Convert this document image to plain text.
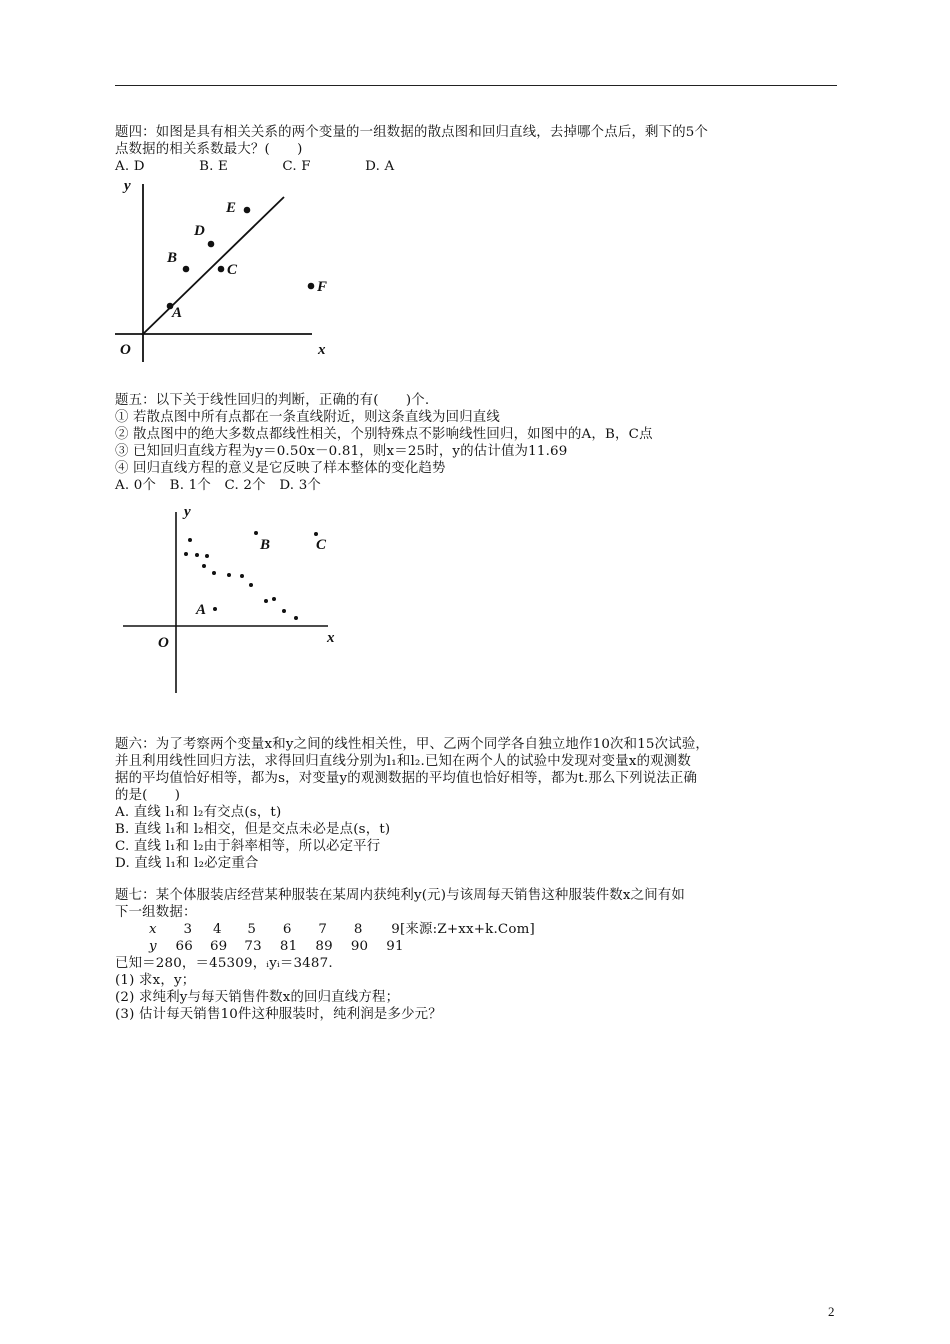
题四：如图是具有相关关系的两个变量的一组数据的散点图和回归直线，去掉哪个点后，剩下的5个
点数据的相关系数最大？(　　)
A. D　　　　B. E　　　　C. F　　　　D. A
y
x
O
E
D
B
C
F
A
题五：以下关于线性回归的判断，正确的有(　　)个.
① 若散点图中所有点都在一条直线附近，则这条直线为回归直线
② 散点图中的绝大多数点都线性相关，个别特殊点不影响线性回归，如图中的A，B，C点
③ 已知回归直线方程为y＝0.50x－0.81，则x＝25时，y的估计值为11.69
④ 回归直线方程的意义是它反映了样本整体的变化趋势
A. 0个　B. 1个　C. 2个　D. 3个
y
x
O
B	C
A
题六：为了考察两个变量x和y之间的线性相关性，甲、乙两个同学各自独立地作10次和15次试验，
并且利用线性回归方法，求得回归直线分别为l₁和l₂.已知在两个人的试验中发现对变量x的观测数
据的平均值恰好相等，都为s，对变量y的观测数据的平均值也恰好相等，都为t.那么下列说法正确
的是(　　)
A. 直线 l₁和 l₂有交点(s，t)
B. 直线 l₁和 l₂相交，但是交点未必是点(s，t)
C. 直线 l₁和 l₂由于斜率相等，所以必定平行
D. 直线 l₁和 l₂必定重合
题七：某个体服装店经营某种服装在某周内获纯利y(元)与该周每天销售这种服装件数x之间有如
下一组数据：
x 3 4 5 6 7 8 9[来源:Z+xx+k.Com]
y 66 69 73 81 89 90 91
已知＝280，＝45309，ᵢyᵢ＝3487.
(1) 求x，y；
(2) 求纯利y与每天销售件数x的回归直线方程；
(3) 估计每天销售10件这种服装时，纯利润是多少元？
2
